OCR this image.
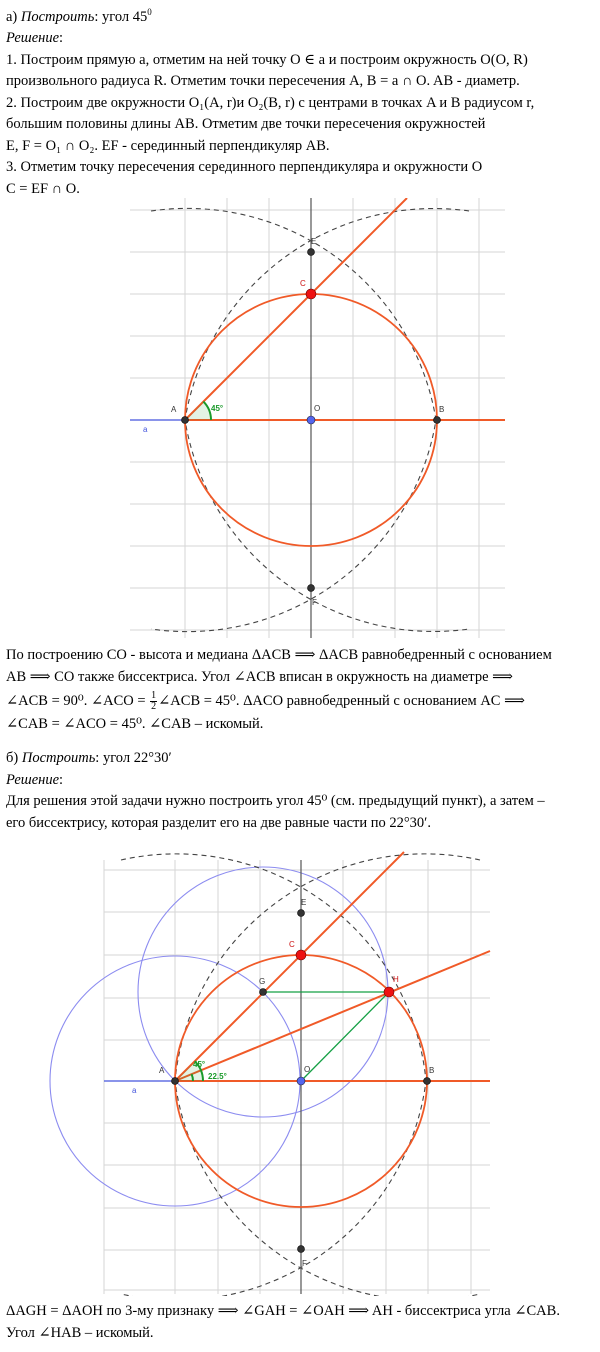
а) Построить: угол $45^0$

Решение:

1. Построим прямую a, отметим на ней точку O ∈ a и построим окружность O(O, R)

произвольного радиуса R. Отметим точки пересечения A, B = a ∩ O. AB - диаметр.

2. Построим две окружности O₁(A, r)и O₂(B, r) с центрами в точках A и B радиусом r,

большим половины длины AB. Отметим две точки пересечения окружностей

E, F = O₁ ∩ O₂. EF - серединный перпендикуляр AB.

3. Отметим точку пересечения серединного перпендикуляра и окружности O

C = EF ∩ O.

45°
a
A	B
O
C
E
F

По построению CO - высота и медиана ΔACB ⟹ ΔACB равнобедренный с основанием

AB ⟹ CO также биссектриса. Угол ∠ACB вписан в окружность на диаметре ⟹

∠ACB = 90⁰. ∠ACO = $\frac{1}{2}$ ∠ACB = 45⁰. ΔACO равнобедренный с основанием AC ⟹

∠CAB = ∠ACO = 45⁰. ∠CAB – искомый.

б) Построить: угол 22°30′

Решение:

Для решения этой задачи нужно построить угол 45⁰ (см. предыдущий пункт), а затем –

его биссектрису, которая разделит его на две равные части по 22°30′.

45°
22.5°
a
A	B
O
C
E
G	H
F

ΔAGH = ΔAOH по 3-му признаку ⟹ ∠GAH = ∠OAH ⟹ AH - биссектриса угла ∠CAB.

Угол ∠HAB – искомый.
